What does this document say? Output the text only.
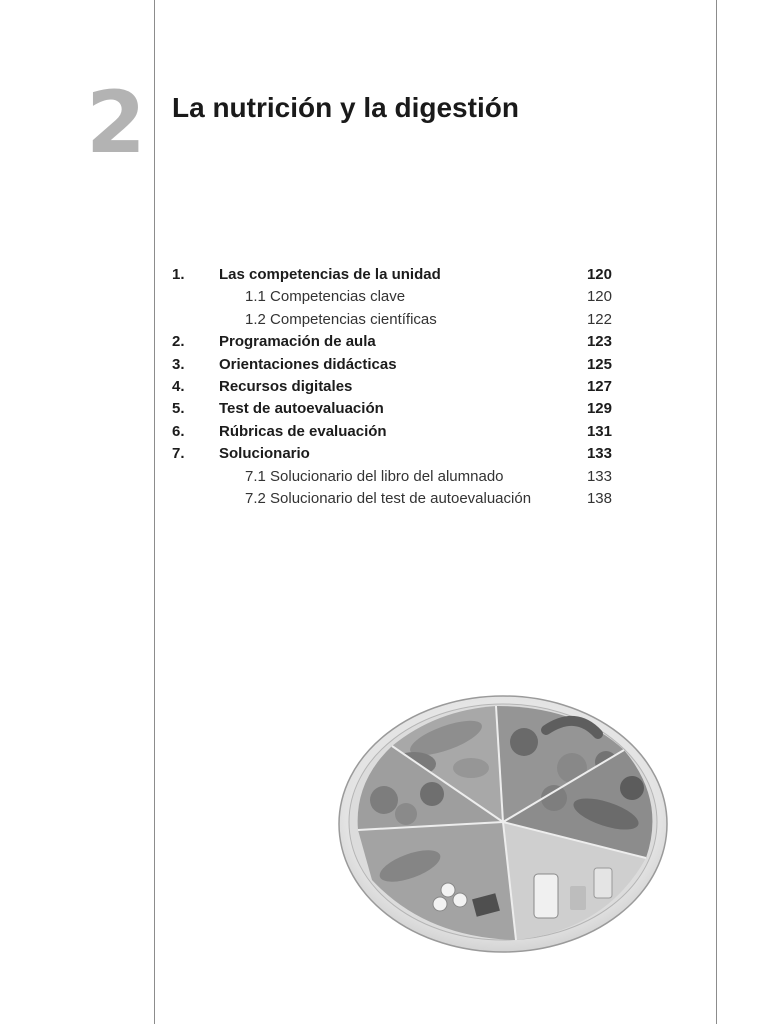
2 La nutrición y la digestión
1. Las competencias de la unidad	120
1.1 Competencias clave	120
1.2 Competencias científicas	122
2. Programación de aula	123
3. Orientaciones didácticas	125
4. Recursos digitales	127
5. Test de autoevaluación	129
6. Rúbricas de evaluación	131
7. Solucionario	133
7.1 Solucionario del libro del alumnado	133
7.2 Solucionario del test de autoevaluación	138
